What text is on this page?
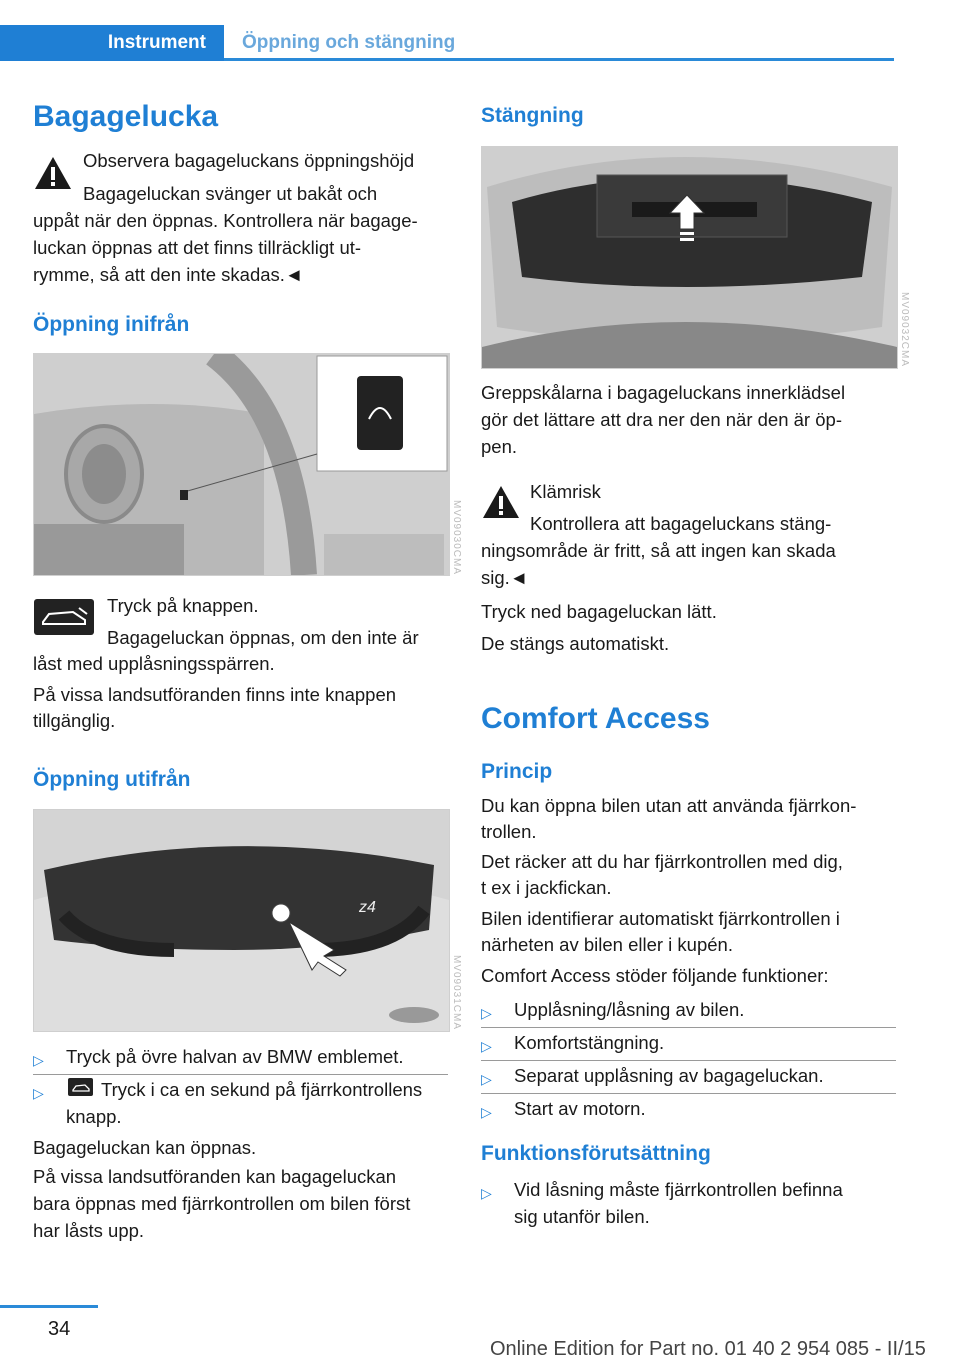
Instrument Öppning och stängning
Bagagelucka
Observera bagageluckans öppningshöjd
Bagageluckan svänger ut bakåt och
uppåt när den öppnas. Kontrollera när bagage-
luckan öppnas att det finns tillräckligt ut-
rymme, så att den inte skadas.◄
Öppning inifrån
MV09030CMA
Tryck på knappen.
Bagageluckan öppnas, om den inte är
låst med upplåsningsspärren.
På vissa landsutföranden finns inte knappen
tillgänglig.
Öppning utifrån
z4
MV09031CMA
▷ Tryck på övre halvan av BMW emblemet.
▷	Tryck i ca en sekund på fjärrkontrollens
knapp.
Bagageluckan kan öppnas.
På vissa landsutföranden kan bagageluckan
bara öppnas med fjärrkontrollen om bilen först
har låsts upp.
Stängning
MV09032CMA
Greppskålarna i bagageluckans innerklädsel
gör det lättare att dra ner den när den är öp-
pen.
Klämrisk
Kontrollera att bagageluckans stäng-
ningsområde är fritt, så att ingen kan skada
sig.◄
Tryck ned bagageluckan lätt.
De stängs automatiskt.
Comfort Access
Princip
Du kan öppna bilen utan att använda fjärrkon-
trollen.
Det räcker att du har fjärrkontrollen med dig,
t ex i jackfickan.
Bilen identifierar automatiskt fjärrkontrollen i
närheten av bilen eller i kupén.
Comfort Access stöder följande funktioner:
▷ Upplåsning/låsning av bilen.
▷ Komfortstängning.
▷ Separat upplåsning av bagageluckan.
▷ Start av motorn.
Funktionsförutsättning
▷ Vid låsning måste fjärrkontrollen befinna
sig utanför bilen.
34
Online Edition for Part no. 01 40 2 954 085 - II/15
